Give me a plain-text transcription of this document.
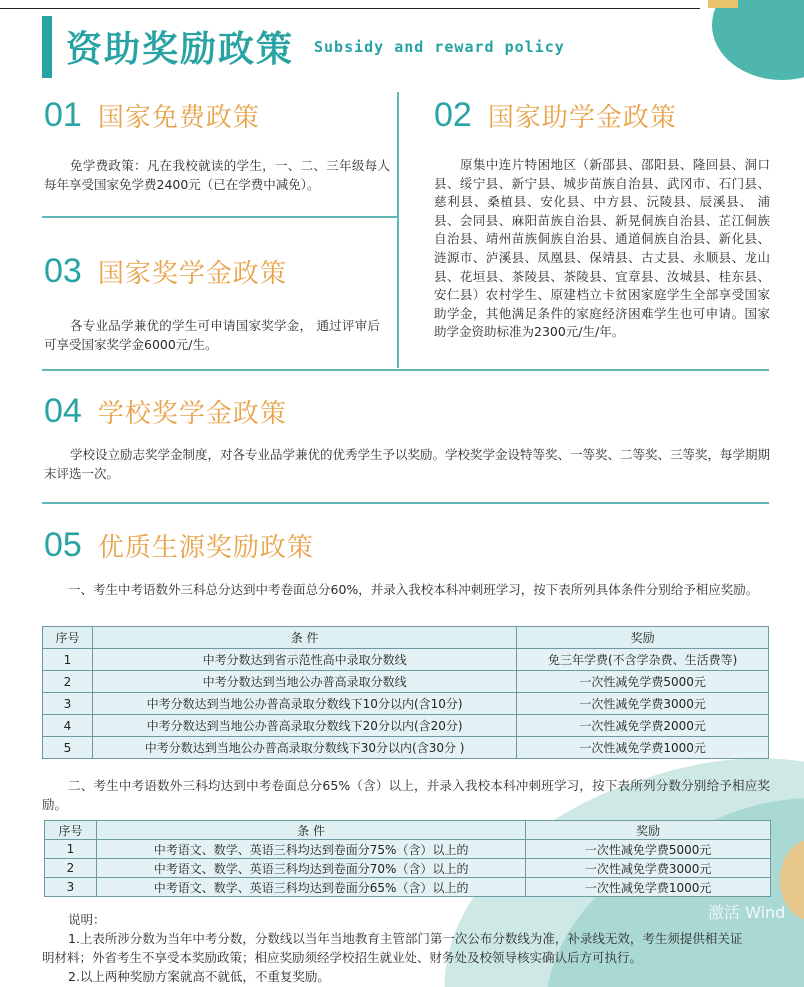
资助奖励政策 Subsidy and reward policy
01 国家免费政策
免学费政策：凡在我校就读的学生，一、二、三年级每人每年享受国家免学费2400元（已在学费中减免）。
02 国家助学金政策
原集中连片特困地区（新邵县、邵阳县、隆回县、洞口县、绥宁县、新宁县、城步苗族自治县、武冈市、石门县、慈利县、桑植县、安化县、中方县、沅陵县、辰溪县、 浦县、会同县、麻阳苗族自治县、新晃侗族自治县、芷江侗族自治县、靖州苗族侗族自治县、通道侗族自治县、新化县、涟源市、泸溪县、凤凰县、保靖县、古丈县、永顺县、龙山县、花垣县、茶陵县、茶陵县、宜章县、汝城县、桂东县、安仁县）农村学生、原建档立卡贫困家庭学生全部享受国家助学金，其他满足条件的家庭经济困难学生也可申请。国家助学金资助标准为2300元/生/年。
03 国家奖学金政策
各专业品学兼优的学生可申请国家奖学金， 通过评审后可享受国家奖学金6000元/生。
04 学校奖学金政策
学校设立励志奖学金制度，对各专业品学兼优的优秀学生予以奖励。学校奖学金设特等奖、一等奖、二等奖、三等奖，每学期期末评选一次。
05 优质生源奖励政策
一、考生中考语数外三科总分达到中考卷面总分60%，并录入我校本科冲刺班学习，按下表所列具体条件分别给予相应奖励。
序号	条 件	奖励
1	中考分数达到省示范性高中录取分数线	免三年学费(不含学杂费、生活费等)
2	中考分数达到当地公办普高录取分数线	一次性减免学费5000元
3	中考分数达到当地公办普高录取分数线下10分以内(含10分)	一次性减免学费3000元
4	中考分数达到当地公办普高录取分数线下20分以内(含20分)	一次性减免学费2000元
5	中考分数达到当地公办普高录取分数线下30分以内(含30分 )	一次性减免学费1000元
二、考生中考语数外三科均达到中考卷面总分65%（含）以上，并录入我校本科冲刺班学习，按下表所列分数分别给予相应奖励。
序号	条 件	奖励
1	中考语文、数学、英语三科均达到卷面分75%（含）以上的	一次性减免学费5000元
2	中考语文、数学、英语三科均达到卷面分70%（含）以上的	一次性减免学费3000元
3	中考语文、数学、英语三科均达到卷面分65%（含）以上的	一次性减免学费1000元
说明：
1.上表所涉分数为当年中考分数，分数线以当年当地教育主管部门第一次公布分数线为准，补录线无效，考生须提供相关证
明材料；外省考生不享受本奖励政策；相应奖励须经学校招生就业处、财务处及校领导核实确认后方可执行。
2.以上两种奖励方案就高不就低，不重复奖励。
激活 Wind
